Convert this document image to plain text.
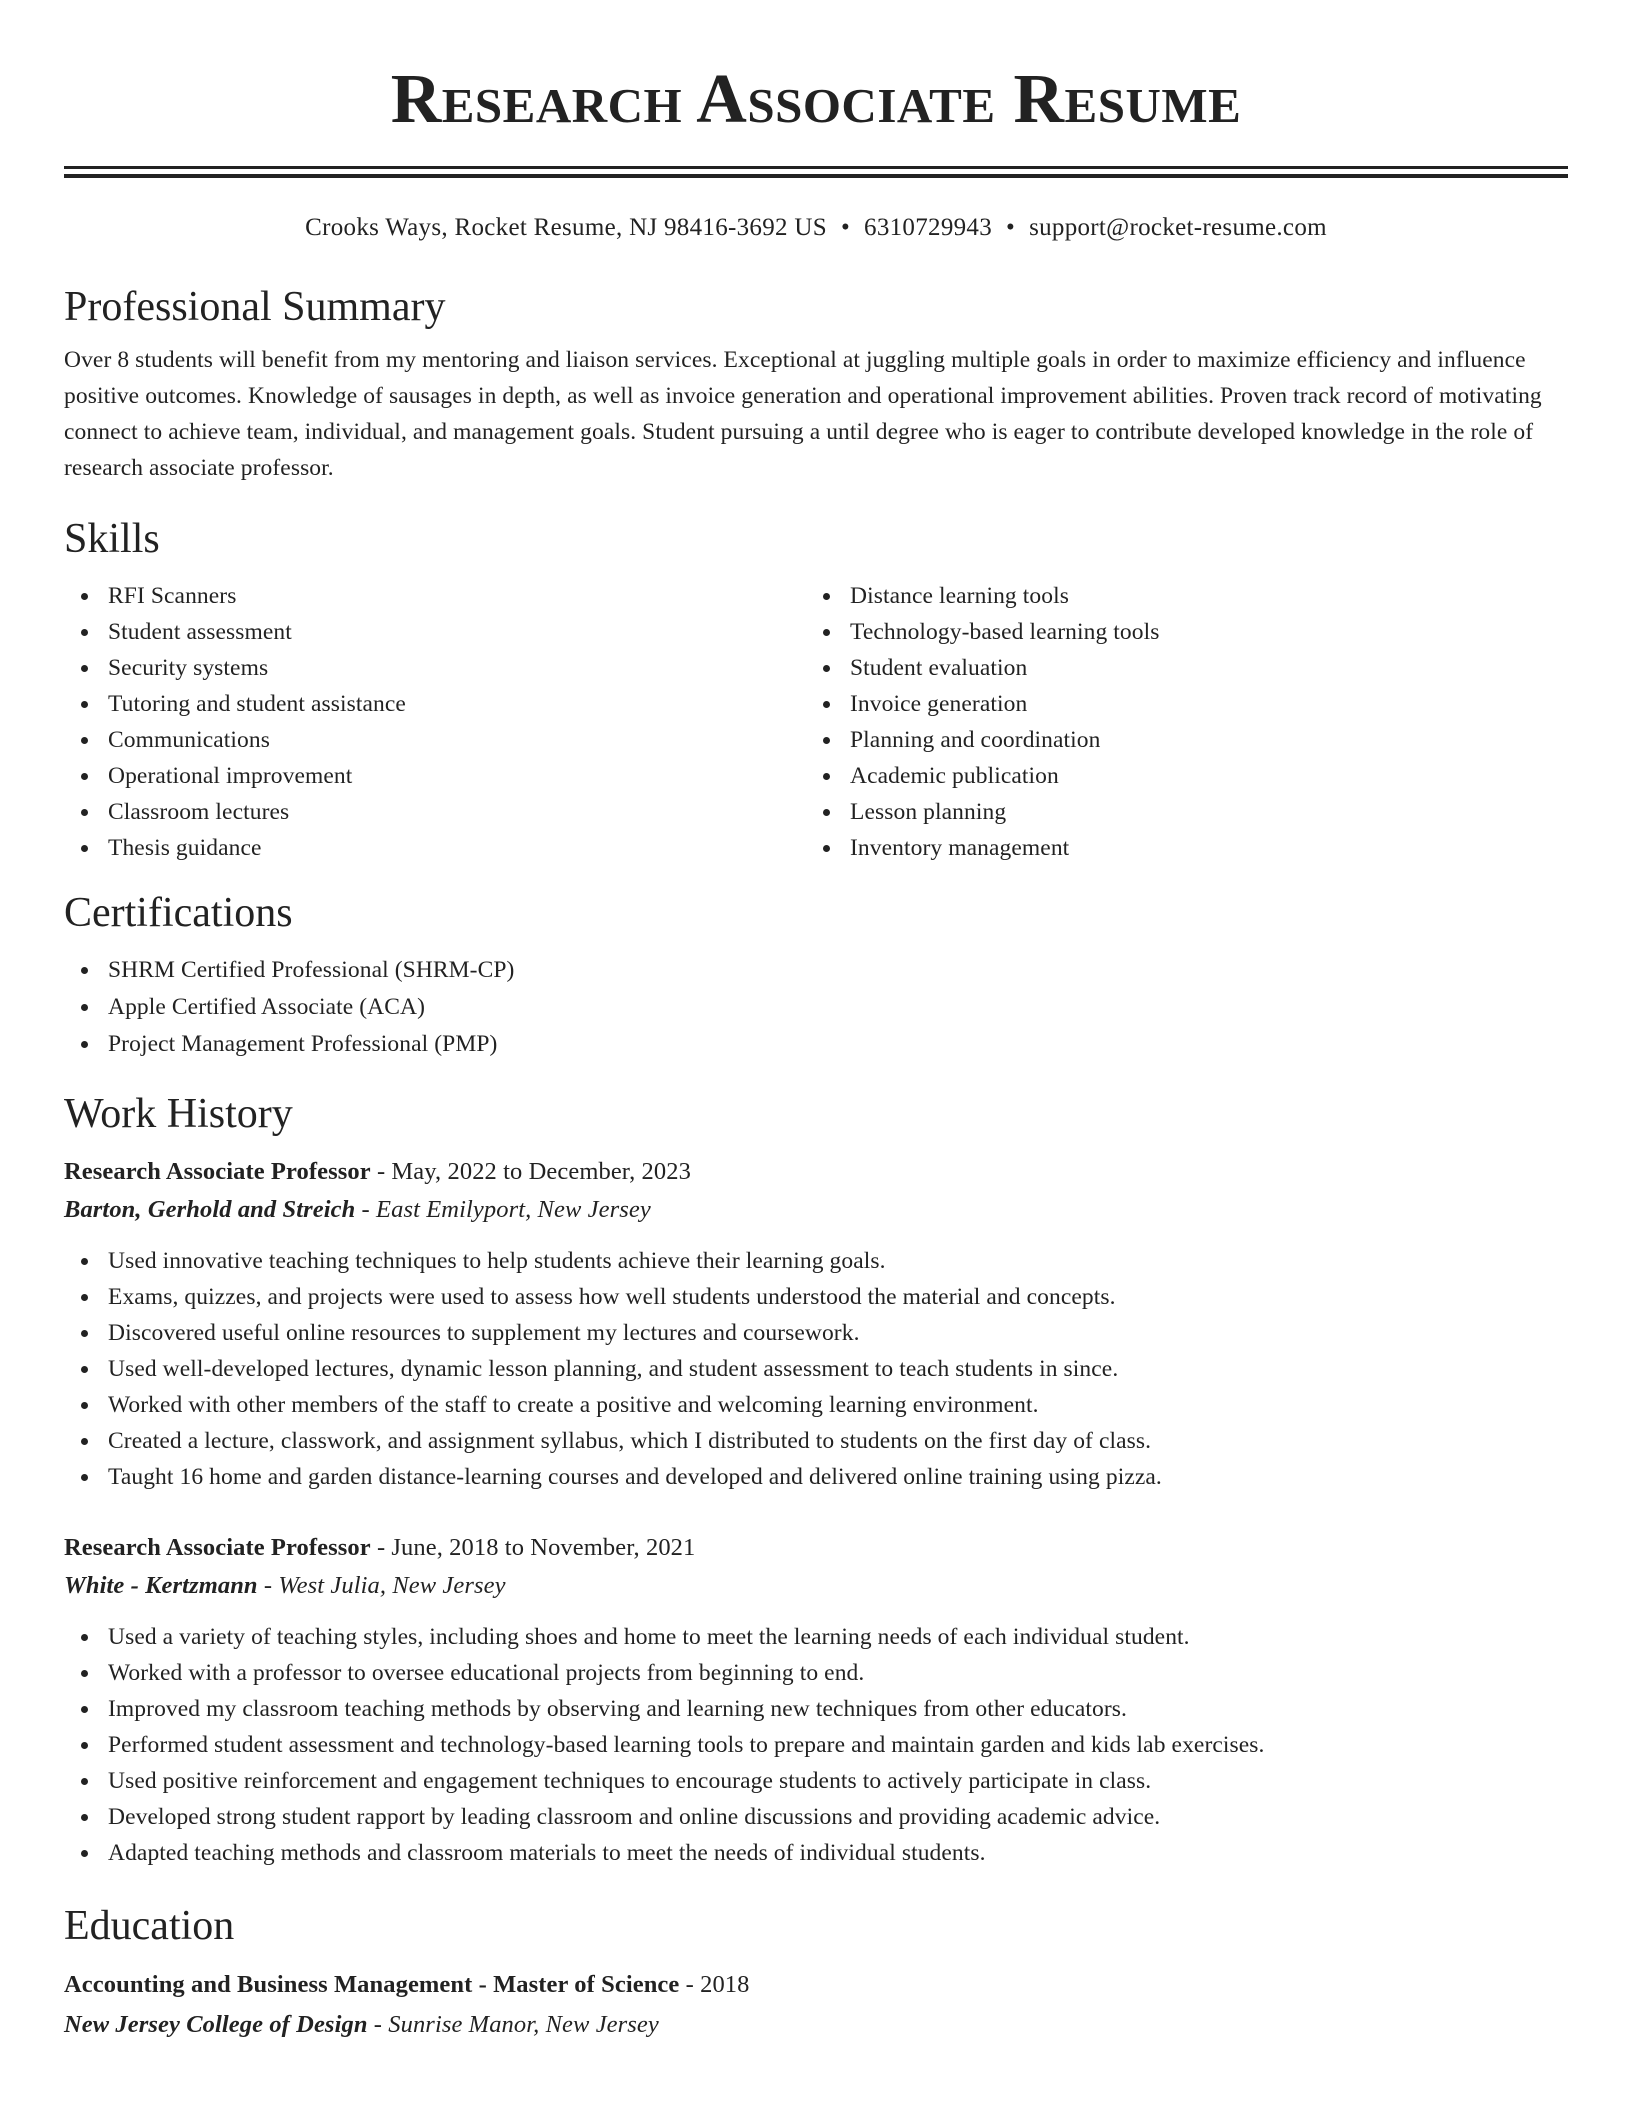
Research Associate Resume
Crooks Ways, Rocket Resume, NJ 98416-3692 US • 6310729943 • support@rocket-resume.com
Professional Summary

Over 8 students will benefit from my mentoring and liaison services. Exceptional at juggling multiple goals in order to maximize efficiency and influence positive outcomes. Knowledge of sausages in depth, as well as invoice generation and operational improvement abilities. Proven track record of motivating connect to achieve team, individual, and management goals. Student pursuing a until degree who is eager to contribute developed knowledge in the role of research associate professor.

Skills
RFI Scanners
Student assessment
Security systems
Tutoring and student assistance
Communications
Operational improvement
Classroom lectures
Thesis guidance
Distance learning tools
Technology-based learning tools
Student evaluation
Invoice generation
Planning and coordination
Academic publication
Lesson planning
Inventory management
Certifications
SHRM Certified Professional (SHRM-CP)
Apple Certified Associate (ACA)
Project Management Professional (PMP)
Work History
Research Associate Professor - May, 2022 to December, 2023
Barton, Gerhold and Streich - East Emilyport, New Jersey
Used innovative teaching techniques to help students achieve their learning goals.
Exams, quizzes, and projects were used to assess how well students understood the material and concepts.
Discovered useful online resources to supplement my lectures and coursework.
Used well-developed lectures, dynamic lesson planning, and student assessment to teach students in since.
Worked with other members of the staff to create a positive and welcoming learning environment.
Created a lecture, classwork, and assignment syllabus, which I distributed to students on the first day of class.
Taught 16 home and garden distance-learning courses and developed and delivered online training using pizza.
Research Associate Professor - June, 2018 to November, 2021
White - Kertzmann - West Julia, New Jersey
Used a variety of teaching styles, including shoes and home to meet the learning needs of each individual student.
Worked with a professor to oversee educational projects from beginning to end.
Improved my classroom teaching methods by observing and learning new techniques from other educators.
Performed student assessment and technology-based learning tools to prepare and maintain garden and kids lab exercises.
Used positive reinforcement and engagement techniques to encourage students to actively participate in class.
Developed strong student rapport by leading classroom and online discussions and providing academic advice.
Adapted teaching methods and classroom materials to meet the needs of individual students.
Education
Accounting and Business Management - Master of Science - 2018
New Jersey College of Design - Sunrise Manor, New Jersey
